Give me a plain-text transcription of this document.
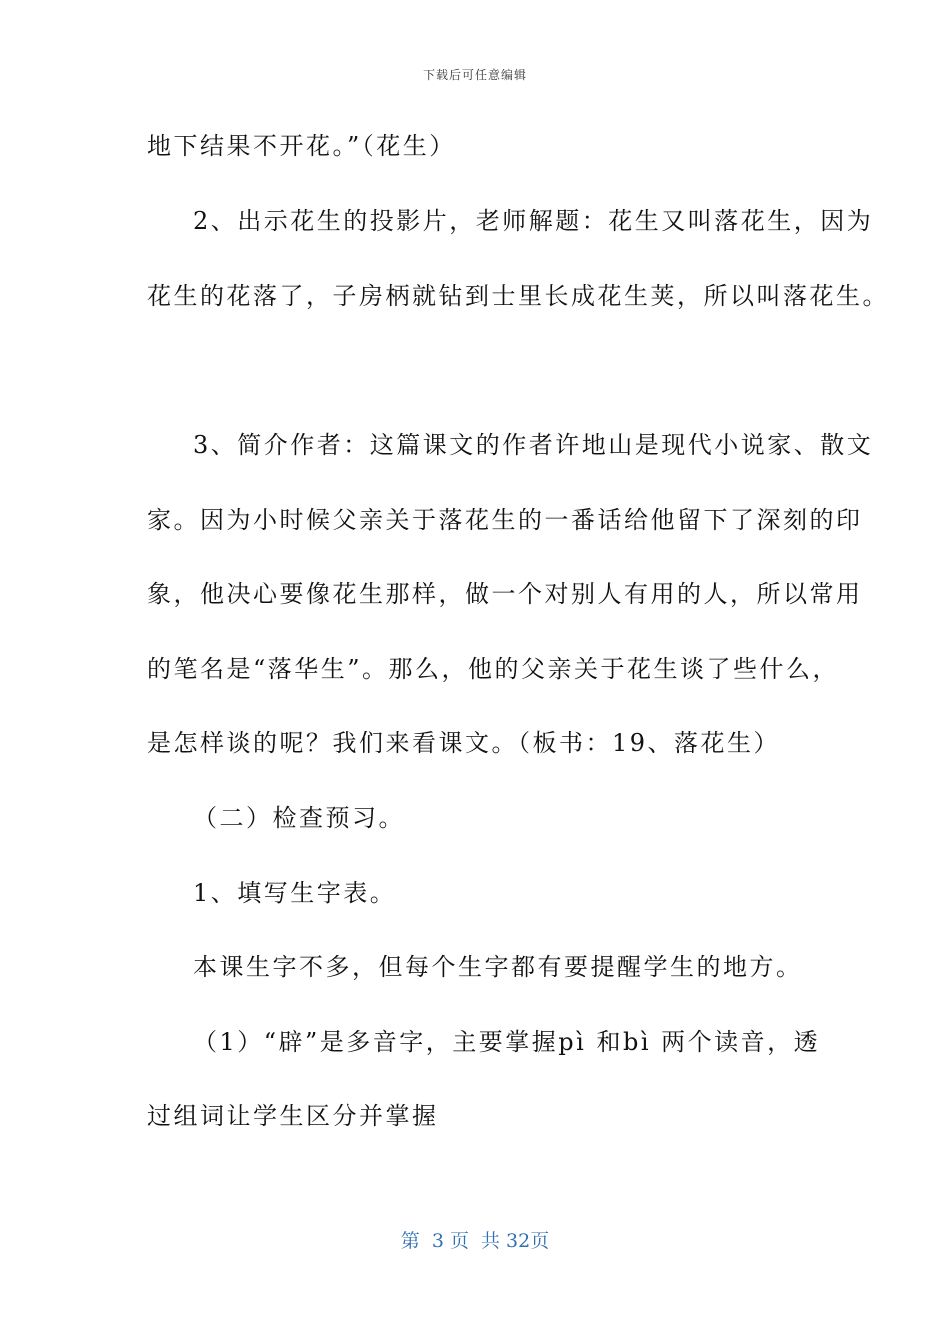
下载后可任意编辑
地下结果不开花。”（花生）
2、出示花生的投影片，老师解题：花生又叫落花生，因为
花生的花落了，子房柄就钻到士里长成花生荚，所以叫落花生。
3、简介作者：这篇课文的作者许地山是现代小说家、散文
家。因为小时候父亲关于落花生的一番话给他留下了深刻的印
象，他决心要像花生那样，做一个对别人有用的人，所以常用
的笔名是“落华生”。那么，他的父亲关于花生谈了些什么，
是怎样谈的呢？我们来看课文。（板书：19、落花生）
（二）检查预习。
1、填写生字表。
本课生字不多，但每个生字都有要提醒学生的地方。
（1）“辟”是多音字，主要掌握pì 和bì 两个读音，透
过组词让学生区分并掌握
第  3 页  共 32页
